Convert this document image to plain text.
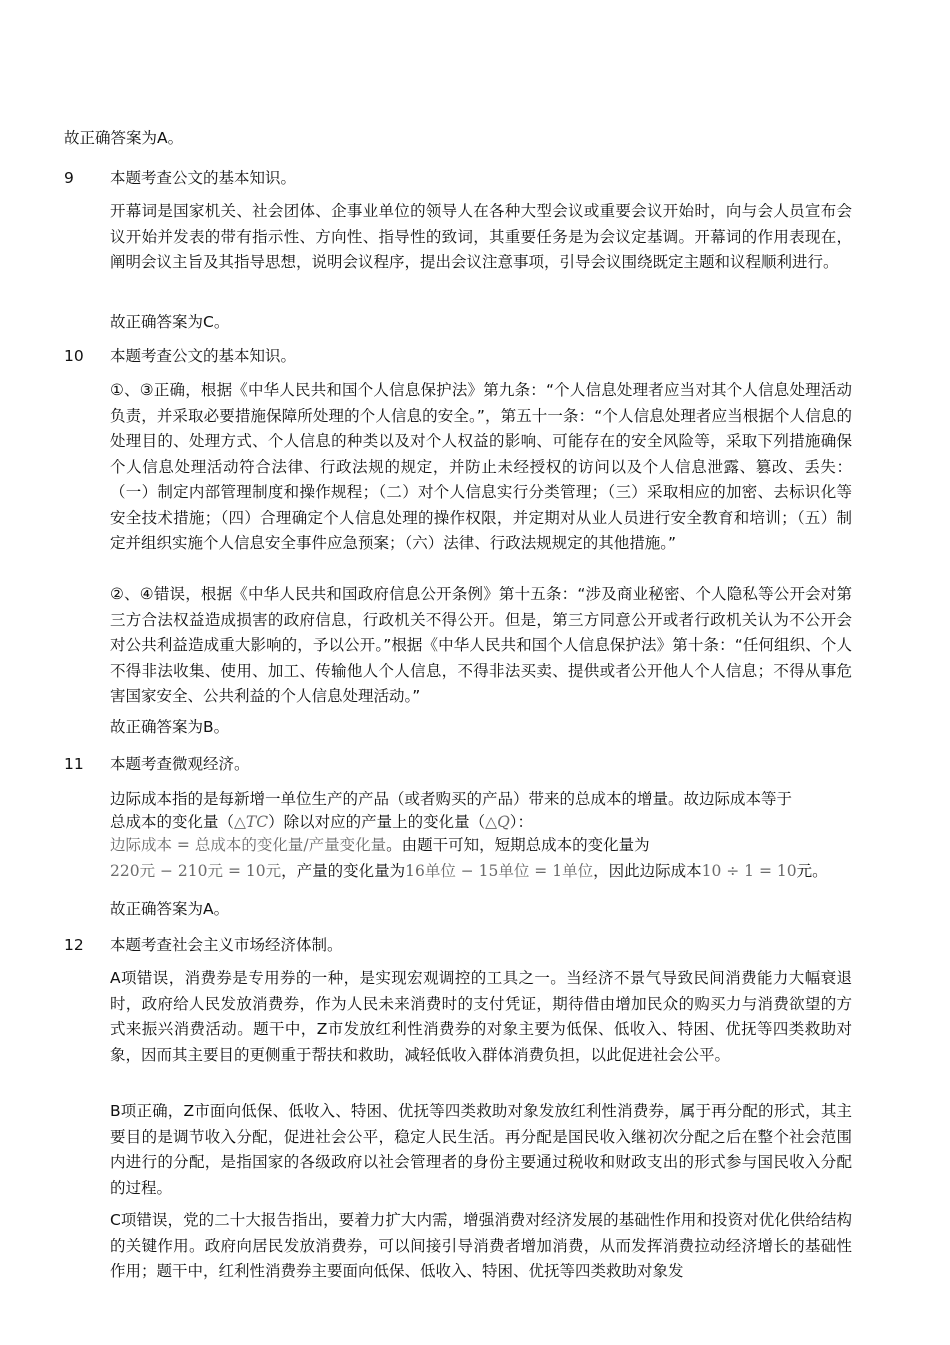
故正确答案为A。
9 本题考查公文的基本知识。
开幕词是国家机关、社会团体、企事业单位的领导人在各种大型会议或重要会议开始时，向与会人员宣布会议开始并发表的带有指示性、方向性、指导性的致词，其重要任务是为会议定基调。开幕词的作用表现在，阐明会议主旨及其指导思想，说明会议程序，提出会议注意事项，引导会议围绕既定主题和议程顺利进行。
故正确答案为C。
10 本题考查公文的基本知识。
①、③正确，根据《中华人民共和国个人信息保护法》第九条：“个人信息处理者应当对其个人信息处理活动负责，并采取必要措施保障所处理的个人信息的安全。”，第五十一条：“个人信息处理者应当根据个人信息的处理目的、处理方式、个人信息的种类以及对个人权益的影响、可能存在的安全风险等，采取下列措施确保个人信息处理活动符合法律、行政法规的规定，并防止未经授权的访问以及个人信息泄露、篡改、丢失：（一）制定内部管理制度和操作规程；（二）对个人信息实行分类管理；（三）采取相应的加密、去标识化等安全技术措施；（四）合理确定个人信息处理的操作权限，并定期对从业人员进行安全教育和培训；（五）制定并组织实施个人信息安全事件应急预案；（六）法律、行政法规规定的其他措施。”
②、④错误，根据《中华人民共和国政府信息公开条例》第十五条：“涉及商业秘密、个人隐私等公开会对第三方合法权益造成损害的政府信息，行政机关不得公开。但是，第三方同意公开或者行政机关认为不公开会对公共利益造成重大影响的，予以公开。”根据《中华人民共和国个人信息保护法》第十条：“任何组织、个人不得非法收集、使用、加工、传输他人个人信息，不得非法买卖、提供或者公开他人个人信息；不得从事危害国家安全、公共利益的个人信息处理活动。”
故正确答案为B。
11 本题考查微观经济。
边际成本指的是每新增一单位生产的产品（或者购买的产品）带来的总成本的增量。故边际成本等于
总成本的变化量（△TC）除以对应的产量上的变化量（△Q）：
边际成本 = 总成本的变化量/产量变化量。由题干可知，短期总成本的变化量为
220元 − 210元 = 10元，产量的变化量为16单位 − 15单位 = 1单位，因此边际成本10 ÷ 1 = 10元。
故正确答案为A。
12 本题考查社会主义市场经济体制。
A项错误，消费券是专用券的一种，是实现宏观调控的工具之一。当经济不景气导致民间消费能力大幅衰退时，政府给人民发放消费券，作为人民未来消费时的支付凭证，期待借由增加民众的购买力与消费欲望的方式来振兴消费活动。题干中，Z市发放红利性消费券的对象主要为低保、低收入、特困、优抚等四类救助对象，因而其主要目的更侧重于帮扶和救助，减轻低收入群体消费负担，以此促进社会公平。
B项正确，Z市面向低保、低收入、特困、优抚等四类救助对象发放红利性消费券，属于再分配的形式，其主要目的是调节收入分配，促进社会公平，稳定人民生活。再分配是国民收入继初次分配之后在整个社会范围内进行的分配，是指国家的各级政府以社会管理者的身份主要通过税收和财政支出的形式参与国民收入分配的过程。
C项错误，党的二十大报告指出，要着力扩大内需，增强消费对经济发展的基础性作用和投资对优化供给结构的关键作用。政府向居民发放消费券，可以间接引导消费者增加消费，从而发挥消费拉动经济增长的基础性作用；题干中，红利性消费券主要面向低保、低收入、特困、优抚等四类救助对象发
